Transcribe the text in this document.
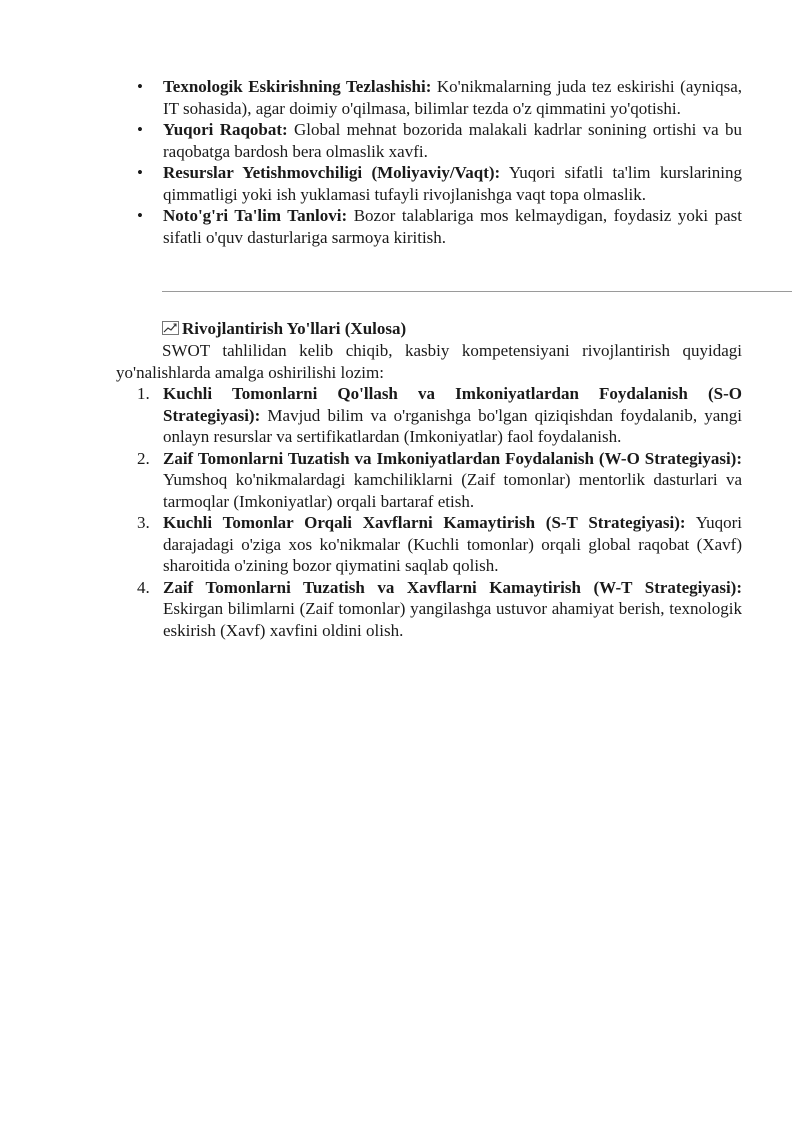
• Texnologik Eskirishning Tezlashishi: Ko'nikmalarning juda tez eskirishi (ayniqsa, IT sohasida), agar doimiy o'qilmasa, bilimlar tezda o'z qimmatini yo'qotishi.
• Yuqori Raqobat: Global mehnat bozorida malakali kadrlar sonining ortishi va bu raqobatga bardosh bera olmaslik xavfi.
• Resurslar Yetishmovchiligi (Moliyaviy/Vaqt): Yuqori sifatli ta'lim kurslarining qimmatligi yoki ish yuklamasi tufayli rivojlanishga vaqt topa olmaslik.
• Noto'g'ri Ta'lim Tanlovi: Bozor talablariga mos kelmaydigan, foydasiz yoki past sifatli o'quv dasturlariga sarmoya kiritish.
Rivojlantirish Yo'llari (Xulosa)

SWOT tahlilidan kelib chiqib, kasbiy kompetensiyani rivojlantirish quyidagi yo'nalishlarda amalga oshirilishi lozim:

1. Kuchli Tomonlarni Qo'llash va Imkoniyatlardan Foydalanish (S-O Strategiyasi): Mavjud bilim va o'rganishga bo'lgan qiziqishdan foydalanib, yangi onlayn resurslar va sertifikatlardan (Imkoniyatlar) faol foydalanish.
2. Zaif Tomonlarni Tuzatish va Imkoniyatlardan Foydalanish (W-O Strategiyasi): Yumshoq ko'nikmalardagi kamchiliklarni (Zaif tomonlar) mentorlik dasturlari va tarmoqlar (Imkoniyatlar) orqali bartaraf etish.
3. Kuchli Tomonlar Orqali Xavflarni Kamaytirish (S-T Strategiyasi): Yuqori darajadagi o'ziga xos ko'nikmalar (Kuchli tomonlar) orqali global raqobat (Xavf) sharoitida o'zining bozor qiymatini saqlab qolish.
4. Zaif Tomonlarni Tuzatish va Xavflarni Kamaytirish (W-T Strategiyasi): Eskirgan bilimlarni (Zaif tomonlar) yangilashga ustuvor ahamiyat berish, texnologik eskirish (Xavf) xavfini oldini olish.
